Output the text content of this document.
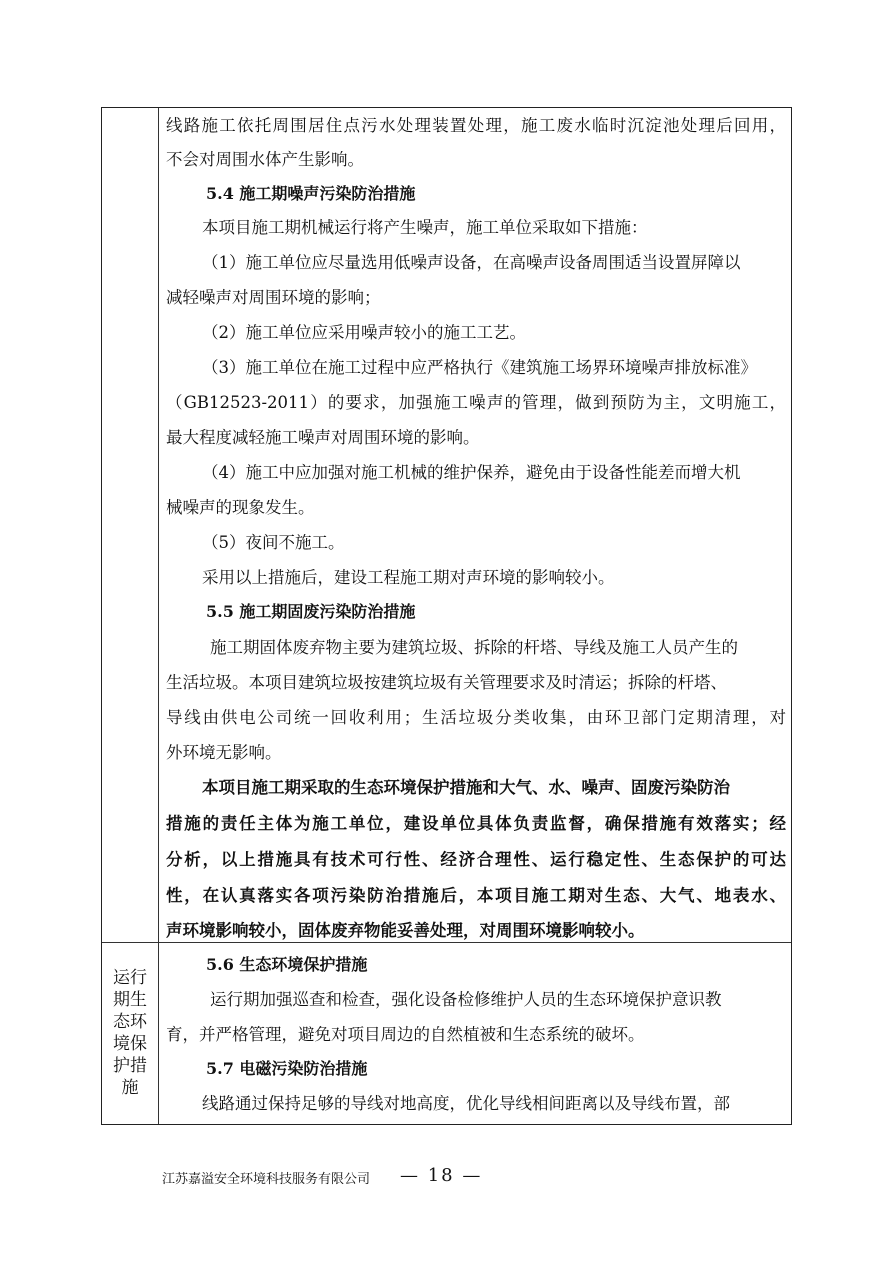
运行
期生
态环
境保
护措
施
线路施工依托周围居住点污水处理装置处理，施工废水临时沉淀池处理后回用，
不会对周围水体产生影响。
5.4 施工期噪声污染防治措施
本项目施工期机械运行将产生噪声，施工单位采取如下措施：
（1）施工单位应尽量选用低噪声设备，在高噪声设备周围适当设置屏障以
减轻噪声对周围环境的影响；
（2）施工单位应采用噪声较小的施工工艺。
（3）施工单位在施工过程中应严格执行《建筑施工场界环境噪声排放标准》
（GB12523-2011）的要求，加强施工噪声的管理，做到预防为主，文明施工，
最大程度减轻施工噪声对周围环境的影响。
（4）施工中应加强对施工机械的维护保养，避免由于设备性能差而增大机
械噪声的现象发生。
（5）夜间不施工。
采用以上措施后，建设工程施工期对声环境的影响较小。
5.5 施工期固废污染防治措施
施工期固体废弃物主要为建筑垃圾、拆除的杆塔、导线及施工人员产生的
生活垃圾。本项目建筑垃圾按建筑垃圾有关管理要求及时清运；拆除的杆塔、
导线由供电公司统一回收利用；生活垃圾分类收集，由环卫部门定期清理，对
外环境无影响。
本项目施工期采取的生态环境保护措施和大气、水、噪声、固废污染防治
措施的责任主体为施工单位，建设单位具体负责监督，确保措施有效落实；经
分析，以上措施具有技术可行性、经济合理性、运行稳定性、生态保护的可达
性，在认真落实各项污染防治措施后，本项目施工期对生态、大气、地表水、
声环境影响较小，固体废弃物能妥善处理，对周围环境影响较小。
5.6 生态环境保护措施
运行期加强巡查和检查，强化设备检修维护人员的生态环境保护意识教
育，并严格管理，避免对项目周边的自然植被和生态系统的破坏。
5.7 电磁污染防治措施
线路通过保持足够的导线对地高度，优化导线相间距离以及导线布置，部
江苏嘉溢安全环境科技服务有限公司 — 18 —
